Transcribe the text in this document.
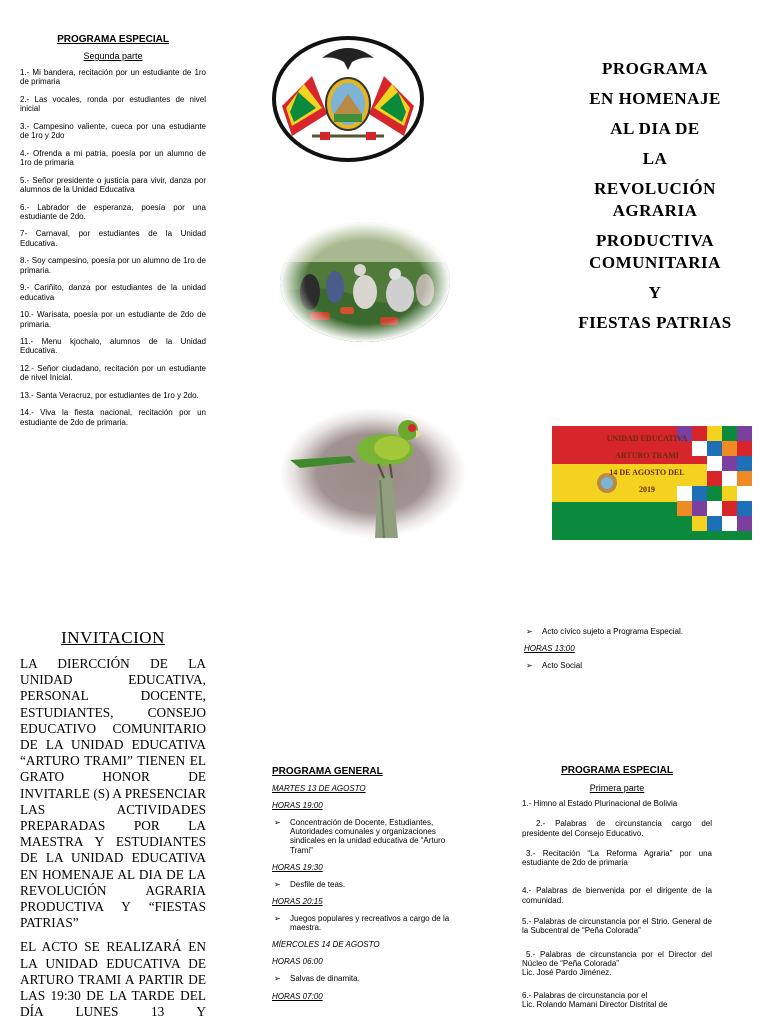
PROGRAMA ESPECIAL
Segunda parte
1.- Mi bandera, recitación por un estudiante de 1ro de primaria
2.- Las vocales, ronda por estudiantes de nivel inicial
3.- Campesino valiente, cueca por una estudiante de 1ro y 2do
4.- Ofrenda a mi patria, poesía por un alumno de 1ro de primaria
5.- Señor presidente o justicia para vivir, danza por alumnos de la Unidad Educativa
6.- Labrador de esperanza, poesía por una estudiante de 2do.
7- Carnaval, por estudiantes de la Unidad Educativa.
8.- Soy campesino, poesía por un alumno de 1ro de primaria.
9.- Cariñito, danza por estudiantes de la unidad educativa
10.- Warisata, poesía por un estudiante de 2do de primaria.
11.- Menu kjochalo, alumnos de la Unidad Educativa.
12.- Señor ciudadano, recitación por un estudiante de nivel Inicial.
13.- Santa Veracruz, por estudiantes de 1ro y 2do.
14.- Viva la fiesta nacional, recitación por un estudiante de 2do de primaria.
PROGRAMA
EN HOMENAJE
AL DIA DE
LA
REVOLUCIÓN
AGRARIA
PRODUCTIVA
COMUNITARIA
Y
FIESTAS PATRIAS
UNIDAD EDUCATIVA
ARTURO TRAMI
14 DE AGOSTO DEL
2019
INVITACION
LA DIERCCIÓN DE LA UNIDAD EDUCATIVA, PERSONAL DOCENTE, ESTUDIANTES, CONSEJO EDUCATIVO COMUNITARIO DE LA UNIDAD EDUCATIVA “ARTURO TRAMI” TIENEN EL GRATO HONOR DE INVITARLE (S) A PRESENCIAR LAS ACTIVIDADES PREPARADAS POR LA MAESTRA Y ESTUDIANTES DE LA UNIDAD EDUCATIVA EN HOMENAJE AL DIA DE LA REVOLUCIÓN AGRARIA PRODUCTIVA Y “FIESTAS PATRIAS”
EL ACTO SE REALIZARÁ EN LA UNIDAD EDUCATIVA DE ARTURO TRAMI A PARTIR DE LAS 19:30 DE LA TARDE DEL DÍA LUNES 13 Y
PROGRAMA GENERAL
MARTES 13 DE AGOSTO
HORAS 19:00
➢ Concentración de Docente, Estudiantes, Autoridades comunales y organizaciones sindicales en la unidad educativa de “Arturo Trami”
HORAS 19:30
➢ Desfile de teas.
HORAS 20:15
➢ Juegos populares y recreativos a cargo de la maestra.
MÍERCOLES 14 DE AGOSTO
HORAS 06:00
➢ Salvas de dinamita.
HORAS 07:00
➢ Acto cívico sujeto a Programa Especial.
HORAS 13:00
➢ Acto Social
PROGRAMA ESPECIAL
Primera parte
1.- Himno al Estado Plurinacional de Bolivia
2.- Palabras de circunstancia cargo del presidente del Consejo Educativo.
3.- Recitación “La Reforma Agraria” por una estudiante de 2do de primaria
4.- Palabras de bienvenida por el dirigente de la comunidad.
5.- Palabras de circunstancia por el Strio. General de la Subcentral de “Peña Colorada”
5.- Palabras de circunstancia por el Director del Núcleo de “Peña Colorada”
Lic. José Pardo Jiménez.
6.- Palabras de circunstancia por el
Lic. Rolando Mamani Director Distrital de
